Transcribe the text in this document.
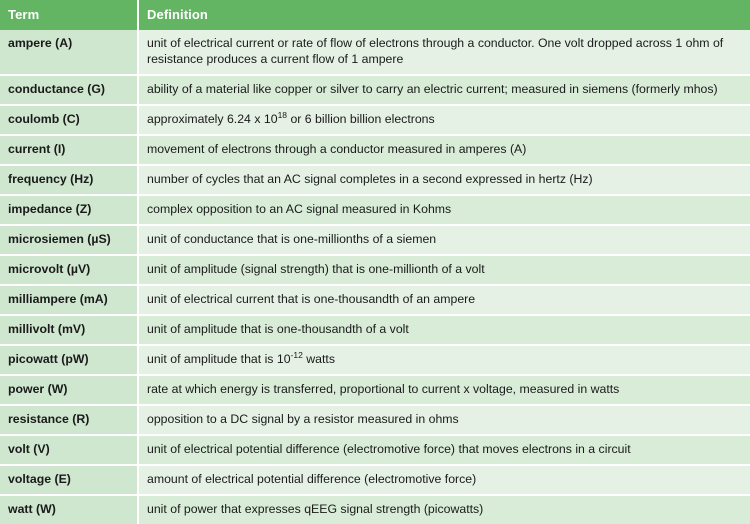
Term	Definition
ampere (A)	unit of electrical current or rate of flow of electrons through a conductor. One volt dropped across 1 ohm of resistance produces a current flow of 1 ampere
conductance (G)	ability of a material like copper or silver to carry an electric current; measured in siemens (formerly mhos)
coulomb (C)	approximately 6.24 x $10^{18}$ or 6 billion billion electrons
current (I)	movement of electrons through a conductor measured in amperes (A)
frequency (Hz)	number of cycles that an AC signal completes in a second expressed in hertz (Hz)
impedance (Z)	complex opposition to an AC signal measured in Kohms
microsiemen (µS)	unit of conductance that is one-millionths of a siemen
microvolt (µV)	unit of amplitude (signal strength) that is one-millionth of a volt
milliampere (mA)	unit of electrical current that is one-thousandth of an ampere
millivolt (mV)	unit of amplitude that is one-thousandth of a volt
picowatt (pW)	unit of amplitude that is $10^{-12}$ watts
power (W)	rate at which energy is transferred, proportional to current x voltage, measured in watts
resistance (R)	opposition to a DC signal by a resistor measured in ohms
volt (V)	unit of electrical potential difference (electromotive force) that moves electrons in a circuit
voltage (E)	amount of electrical potential difference (electromotive force)
watt (W)	unit of power that expresses qEEG signal strength (picowatts)
